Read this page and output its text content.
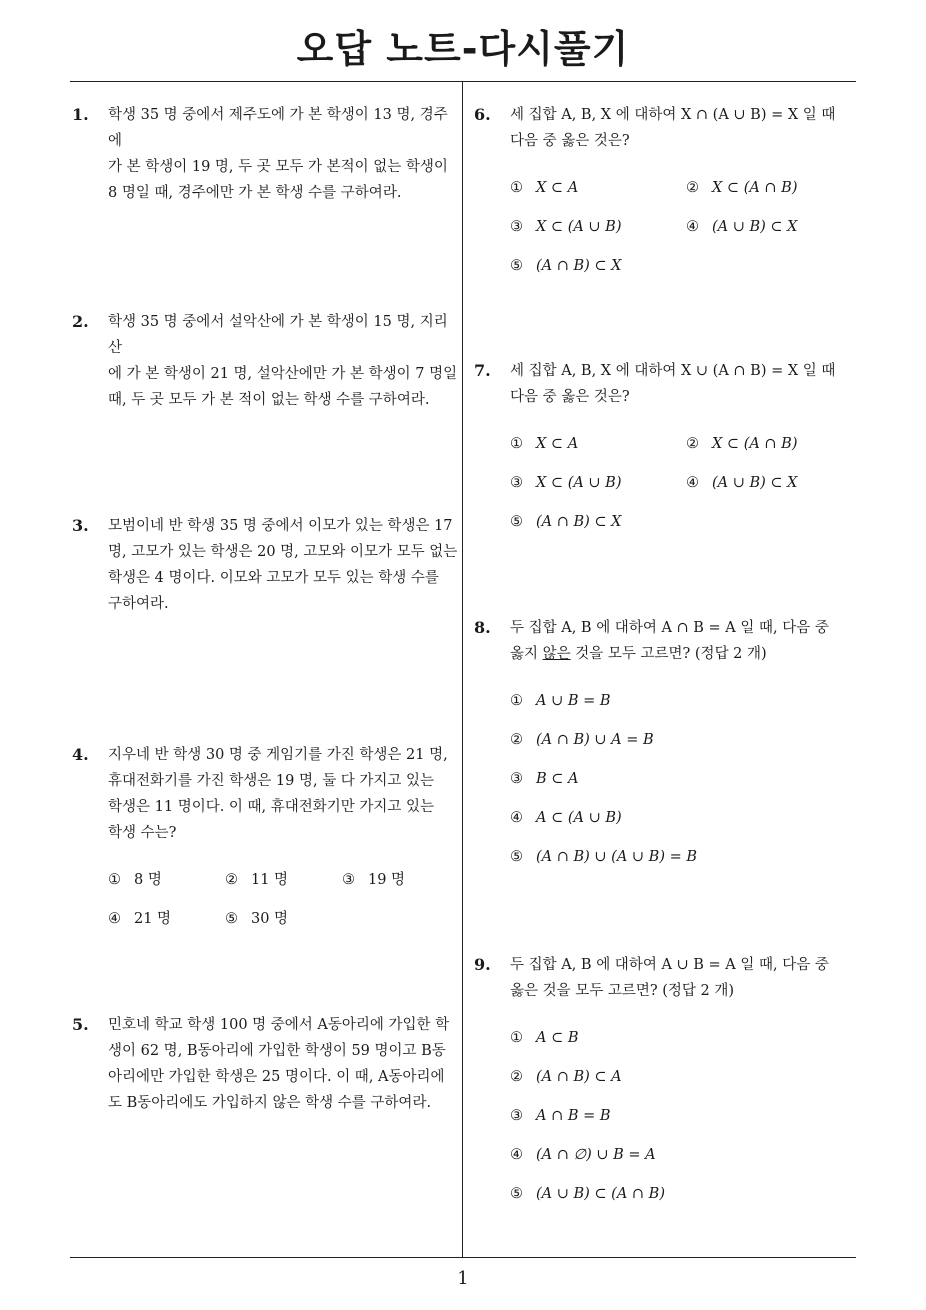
오답 노트-다시풀기
1
1. 학생 35 명 중에서 제주도에 가 본 학생이 13 명, 경주에
가 본 학생이 19 명, 두 곳 모두 가 본적이 없는 학생이
8 명일 때, 경주에만 가 본 학생 수를 구하여라.
2. 학생 35 명 중에서 설악산에 가 본 학생이 15 명, 지리산
에 가 본 학생이 21 명, 설악산에만 가 본 학생이 7 명일
때, 두 곳 모두 가 본 적이 없는 학생 수를 구하여라.
3. 모범이네 반 학생 35 명 중에서 이모가 있는 학생은 17
명, 고모가 있는 학생은 20 명, 고모와 이모가 모두 없는
학생은 4 명이다. 이모와 고모가 모두 있는 학생 수를
구하여라.
4. 지우네 반 학생 30 명 중 게임기를 가진 학생은 21 명,
휴대전화기를 가진 학생은 19 명, 둘 다 가지고 있는
학생은 11 명이다. 이 때, 휴대전화기만 가지고 있는
학생 수는?
① 8 명	② 11 명	③ 19 명
④ 21 명	⑤ 30 명
5. 민호네 학교 학생 100 명 중에서 A동아리에 가입한 학
생이 62 명, B동아리에 가입한 학생이 59 명이고 B동
아리에만 가입한 학생은 25 명이다. 이 때, A동아리에
도 B동아리에도 가입하지 않은 학생 수를 구하여라.
6. 세 집합 A, B, X 에 대하여 X ∩ (A ∪ B) = X 일 때
다음 중 옳은 것은?
① X ⊂ A	② X ⊂ (A ∩ B)
③ X ⊂ (A ∪ B)	④ (A ∪ B) ⊂ X
⑤ (A ∩ B) ⊂ X
7. 세 집합 A, B, X 에 대하여 X ∪ (A ∩ B) = X 일 때
다음 중 옳은 것은?
① X ⊂ A	② X ⊂ (A ∩ B)
③ X ⊂ (A ∪ B)	④ (A ∪ B) ⊂ X
⑤ (A ∩ B) ⊂ X
8. 두 집합 A, B 에 대하여 A ∩ B = A 일 때, 다음 중
옳지 않은 것을 모두 고르면? (정답 2 개)
① A ∪ B = B
② (A ∩ B) ∪ A = B
③ B ⊂ A
④ A ⊂ (A ∪ B)
⑤ (A ∩ B) ∪ (A ∪ B) = B
9. 두 집합 A, B 에 대하여 A ∪ B = A 일 때, 다음 중
옳은 것을 모두 고르면? (정답 2 개)
① A ⊂ B
② (A ∩ B) ⊂ A
③ A ∩ B = B
④ (A ∩ ∅) ∪ B = A
⑤ (A ∪ B) ⊂ (A ∩ B)
